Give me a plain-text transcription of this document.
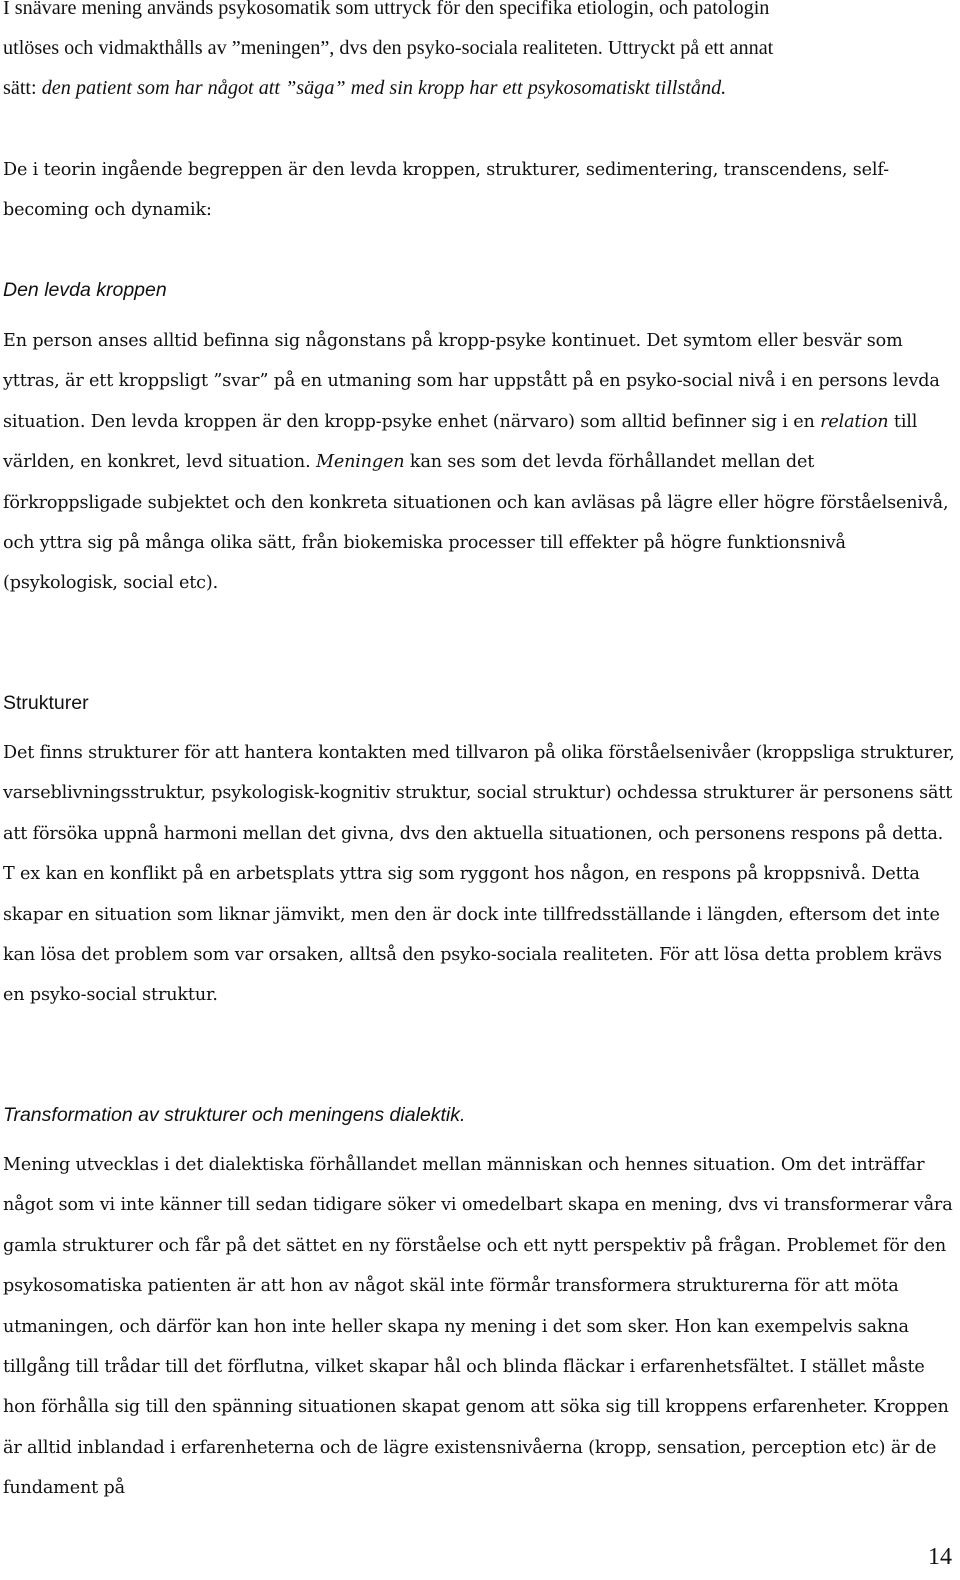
I snävare mening används psykosomatik som uttryck för den specifika etiologin, och patologin
utlöses och vidmakthålls av ”meningen”, dvs den psyko-sociala realiteten. Uttryckt på ett annat
sätt: den patient som har något att ”säga” med sin kropp har ett psykosomatiskt tillstånd.

De i teorin ingående begreppen är den levda kroppen, strukturer, sedimentering, transcendens, self-becoming och dynamik:

Den levda kroppen

En person anses alltid befinna sig någonstans på kropp-psyke kontinuet. Det symtom eller besvär som yttras, är ett kroppsligt ”svar” på en utmaning som har uppstått på en psyko-social nivå i en persons levda situation. Den levda kroppen är den kropp-psyke enhet (närvaro) som alltid befinner sig i en relation till världen, en konkret, levd situation. Meningen kan ses som det levda förhållandet mellan det förkroppsligade subjektet och den konkreta situationen och kan avläsas på lägre eller högre förståelsenivå, och yttra sig på många olika sätt, från biokemiska processer till effekter på högre funktionsnivå (psykologisk, social etc).

Strukturer

Det finns strukturer för att hantera kontakten med tillvaron på olika förståelsenivåer (kroppsliga strukturer, varseblivningsstruktur, psykologisk-kognitiv struktur, social struktur) ochdessa strukturer är personens sätt att försöka uppnå harmoni mellan det givna, dvs den aktuella situationen, och personens respons på detta. T ex kan en konflikt på en arbetsplats yttra sig som ryggont hos någon, en respons på kroppsnivå. Detta skapar en situation som liknar jämvikt, men den är dock inte tillfredsställande i längden, eftersom det inte kan lösa det problem som var orsaken, alltså den psyko-sociala realiteten. För att lösa detta problem krävs en psyko-social struktur.

Transformation av strukturer och meningens dialektik.

Mening utvecklas i det dialektiska förhållandet mellan människan och hennes situation. Om det inträffar något som vi inte känner till sedan tidigare söker vi omedelbart skapa en mening, dvs vi transformerar våra gamla strukturer och får på det sättet en ny förståelse och ett nytt perspektiv på frågan. Problemet för den psykosomatiska patienten är att hon av något skäl inte förmår transformera strukturerna för att möta utmaningen, och därför kan hon inte heller skapa ny mening i det som sker. Hon kan exempelvis sakna tillgång till trådar till det förflutna, vilket skapar hål och blinda fläckar i erfarenhetsfältet. I stället måste hon förhålla sig till den spänning situationen skapat genom att söka sig till kroppens erfarenheter. Kroppen är alltid inblandad i erfarenheterna och de lägre existensnivåerna (kropp, sensation, perception etc) är de fundament på

14
